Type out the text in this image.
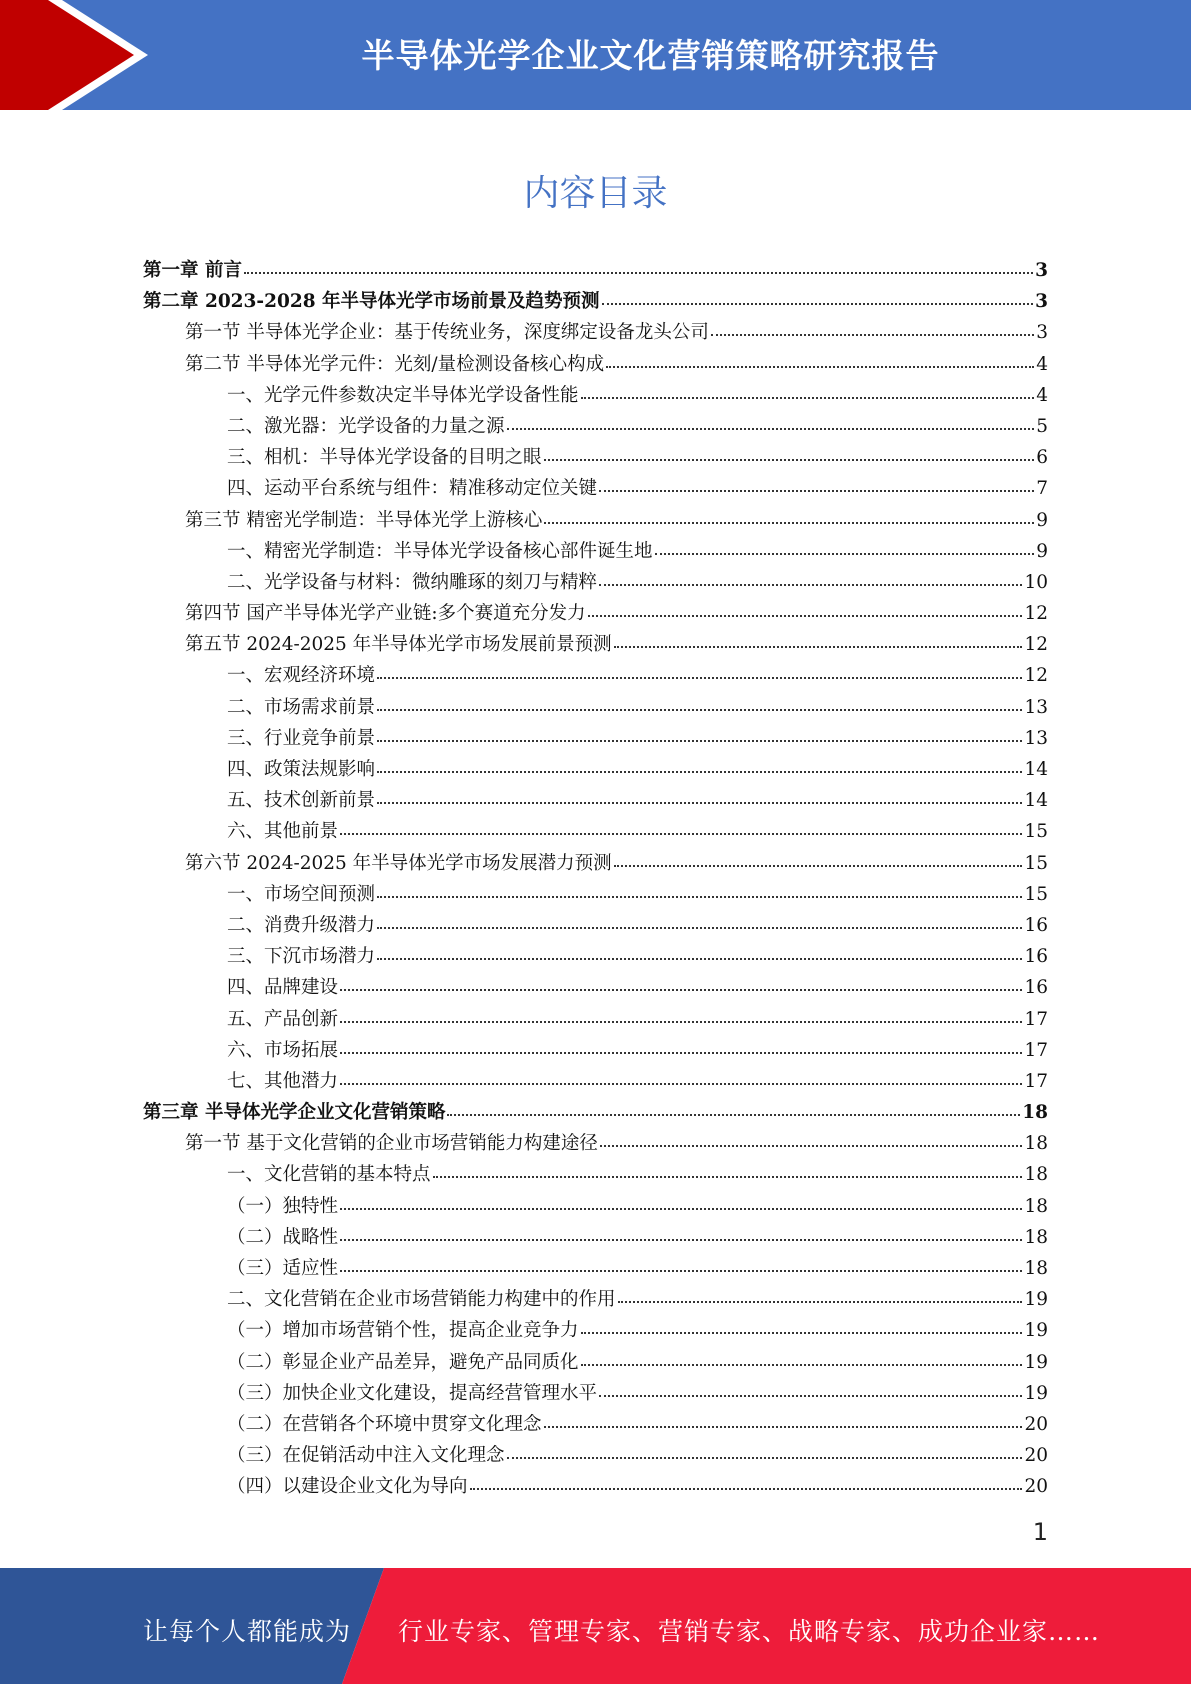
半导体光学企业文化营销策略研究报告
内容目录
第一章 前言	3
第二章 2023-2028 年半导体光学市场前景及趋势预测	3
第一节 半导体光学企业：基于传统业务，深度绑定设备龙头公司	3
第二节 半导体光学元件：光刻/量检测设备核心构成	4
一、光学元件参数决定半导体光学设备性能	4
二、激光器：光学设备的力量之源	5
三、相机：半导体光学设备的目明之眼	6
四、运动平台系统与组件：精准移动定位关键	7
第三节 精密光学制造：半导体光学上游核心	9
一、精密光学制造：半导体光学设备核心部件诞生地	9
二、光学设备与材料：微纳雕琢的刻刀与精粹	10
第四节 国产半导体光学产业链:多个赛道充分发力	12
第五节 2024-2025 年半导体光学市场发展前景预测	12
一、宏观经济环境	12
二、市场需求前景	13
三、行业竞争前景	13
四、政策法规影响	14
五、技术创新前景	14
六、其他前景	15
第六节 2024-2025 年半导体光学市场发展潜力预测	15
一、市场空间预测	15
二、消费升级潜力	16
三、下沉市场潜力	16
四、品牌建设	16
五、产品创新	17
六、市场拓展	17
七、其他潜力	17
第三章 半导体光学企业文化营销策略	18
第一节 基于文化营销的企业市场营销能力构建途径	18
一、文化营销的基本特点	18
（一）独特性	18
（二）战略性	18
（三）适应性	18
二、文化营销在企业市场营销能力构建中的作用	19
（一）增加市场营销个性，提高企业竞争力	19
（二）彰显企业产品差异，避免产品同质化	19
（三）加快企业文化建设，提高经营管理水平	19
（二）在营销各个环境中贯穿文化理念	20
（三）在促销活动中注入文化理念	20
（四）以建设企业文化为导向	20
1
让每个人都能成为 行业专家、管理专家、营销专家、战略专家、成功企业家……
